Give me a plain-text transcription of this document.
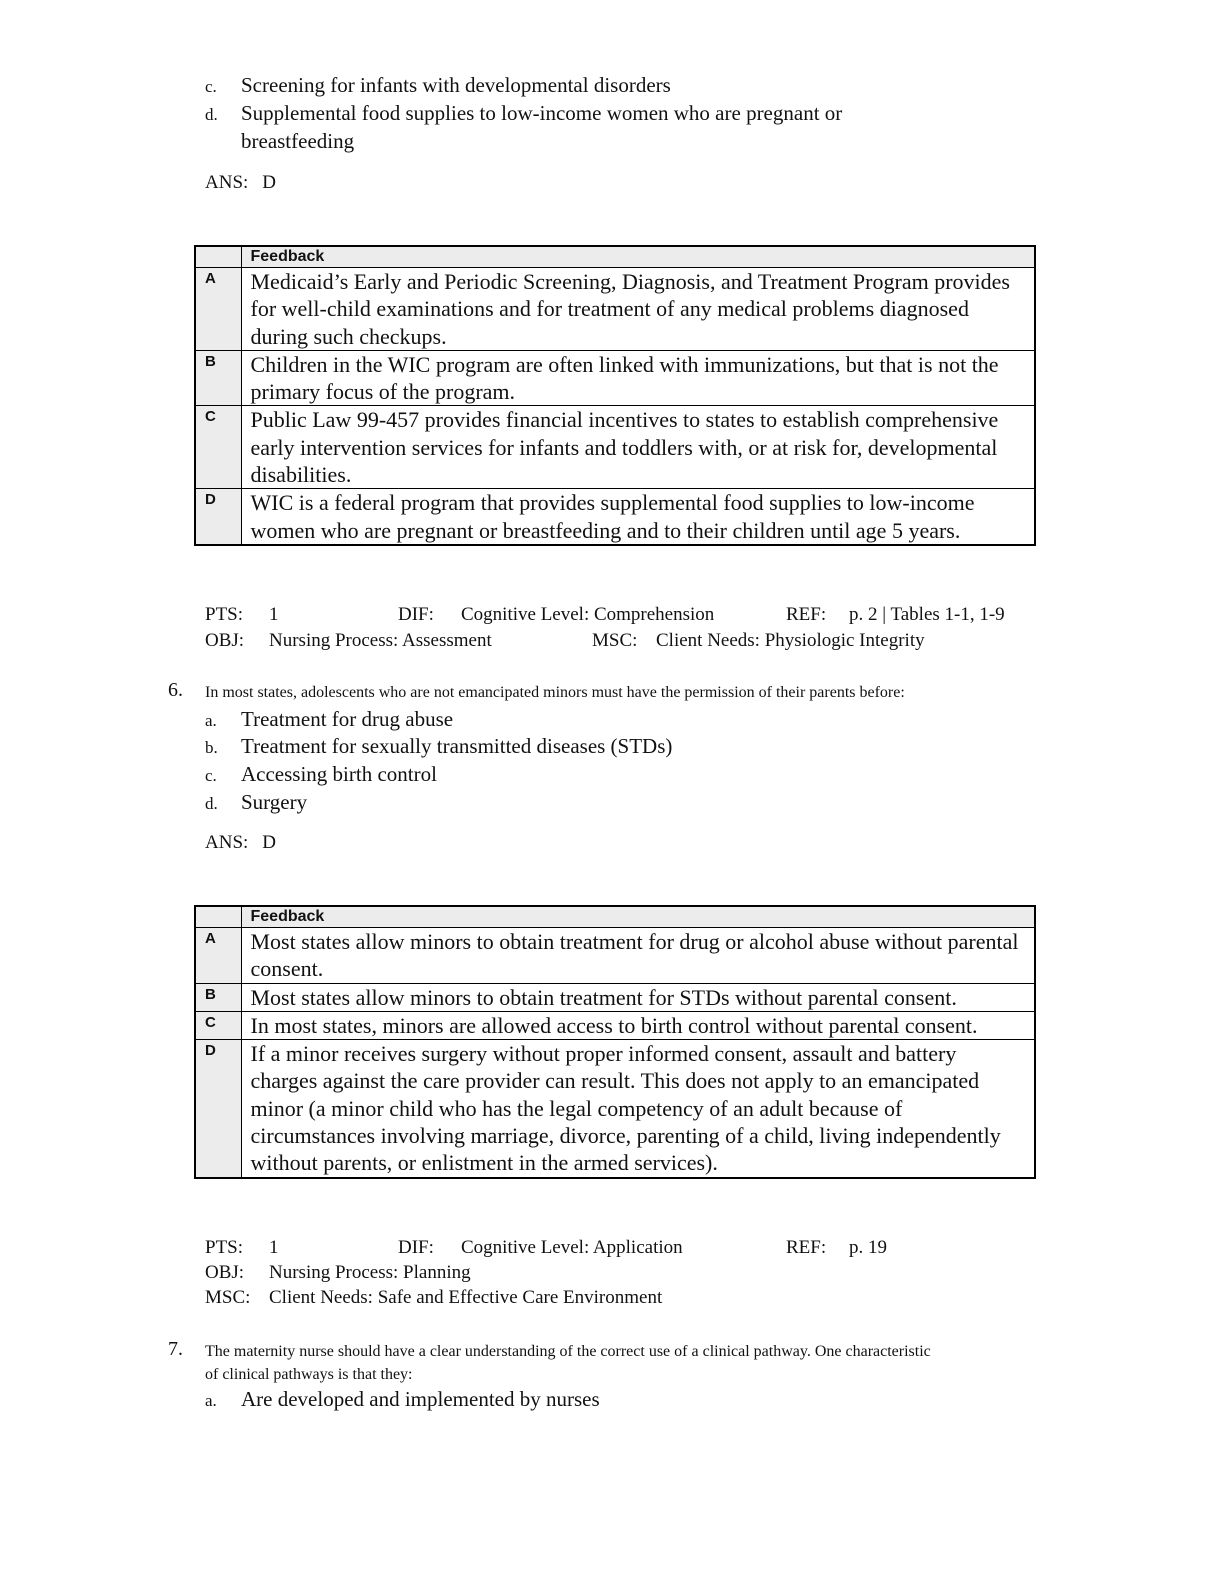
c. Screening for infants with developmental disorders
d. Supplemental food supplies to low-income women who are pregnant or
breastfeeding
ANS: D
	Feedback
A	Medicaid’s Early and Periodic Screening, Diagnosis, and Treatment Program provides for well-child examinations and for treatment of any medical problems diagnosed during such checkups.
B	Children in the WIC program are often linked with immunizations, but that is not the primary focus of the program.
C	Public Law 99-457 provides financial incentives to states to establish comprehensive early intervention services for infants and toddlers with, or at risk for, developmental disabilities.
D	WIC is a federal program that provides supplemental food supplies to low-income women who are pregnant or breastfeeding and to their children until age 5 years.
PTS: 1	DIF: Cognitive Level: Comprehension	REF: p. 2 | Tables 1-1, 1-9
OBJ: Nursing Process: Assessment	MSC: Client Needs: Physiologic Integrity
6. In most states, adolescents who are not emancipated minors must have the permission of their parents before:
a. Treatment for drug abuse
b. Treatment for sexually transmitted diseases (STDs)
c. Accessing birth control
d. Surgery
ANS: D
	Feedback
A	Most states allow minors to obtain treatment for drug or alcohol abuse without parental consent.
B	Most states allow minors to obtain treatment for STDs without parental consent.
C	In most states, minors are allowed access to birth control without parental consent.
D	If a minor receives surgery without proper informed consent, assault and battery charges against the care provider can result. This does not apply to an emancipated minor (a minor child who has the legal competency of an adult because of circumstances involving marriage, divorce, parenting of a child, living independently without parents, or enlistment in the armed services).
PTS: 1	DIF: Cognitive Level: Application	REF: p. 19
OBJ: Nursing Process: Planning
MSC: Client Needs: Safe and Effective Care Environment
7. The maternity nurse should have a clear understanding of the correct use of a clinical pathway. One characteristic
of clinical pathways is that they:
a. Are developed and implemented by nurses
